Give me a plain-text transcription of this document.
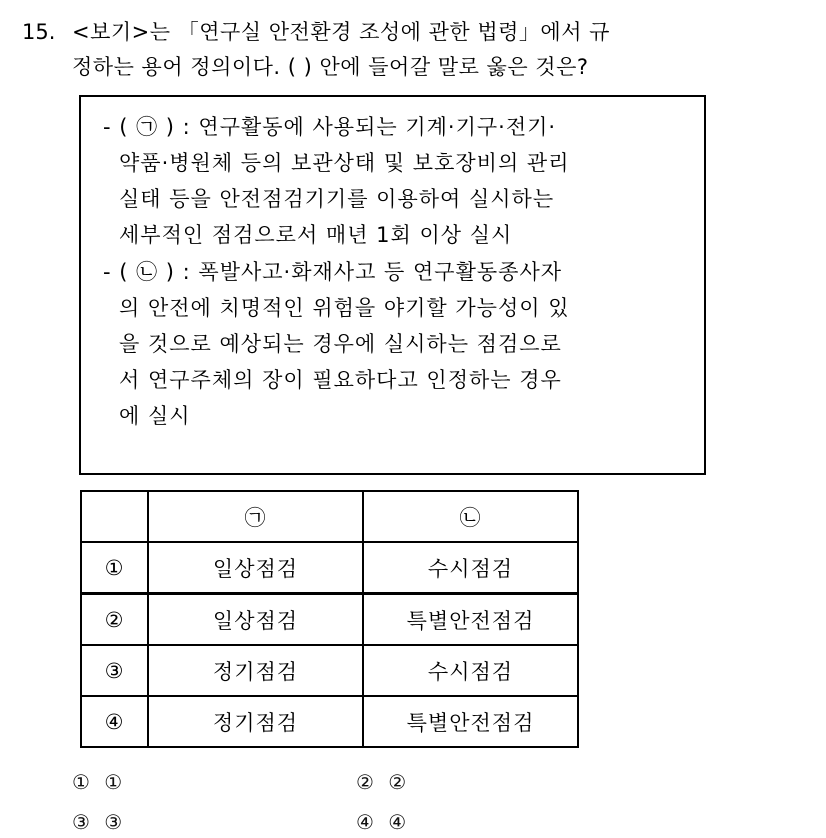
15. <보기>는 「연구실 안전환경 조성에 관한 법령」에서 규
정하는 용어 정의이다. ( ) 안에 들어갈 말로 옳은 것은?
- ( ㉠ ) : 연구활동에 사용되는 기계·기구·전기·
약품·병원체 등의 보관상태 및 보호장비의 관리
실태 등을 안전점검기기를 이용하여 실시하는
세부적인 점검으로서 매년 1회 이상 실시
- ( ㉡ ) : 폭발사고·화재사고 등 연구활동종사자
의 안전에 치명적인 위험을 야기할 가능성이 있
을 것으로 예상되는 경우에 실시하는 점검으로
서 연구주체의 장이 필요하다고 인정하는 경우
에 실시
	㉠	㉡
①	일상점검	수시점검
②	일상점검	특별안전점검
③	정기점검	수시점검
④	정기점검	특별안전점검
① ①	② ②
③ ③	④ ④
